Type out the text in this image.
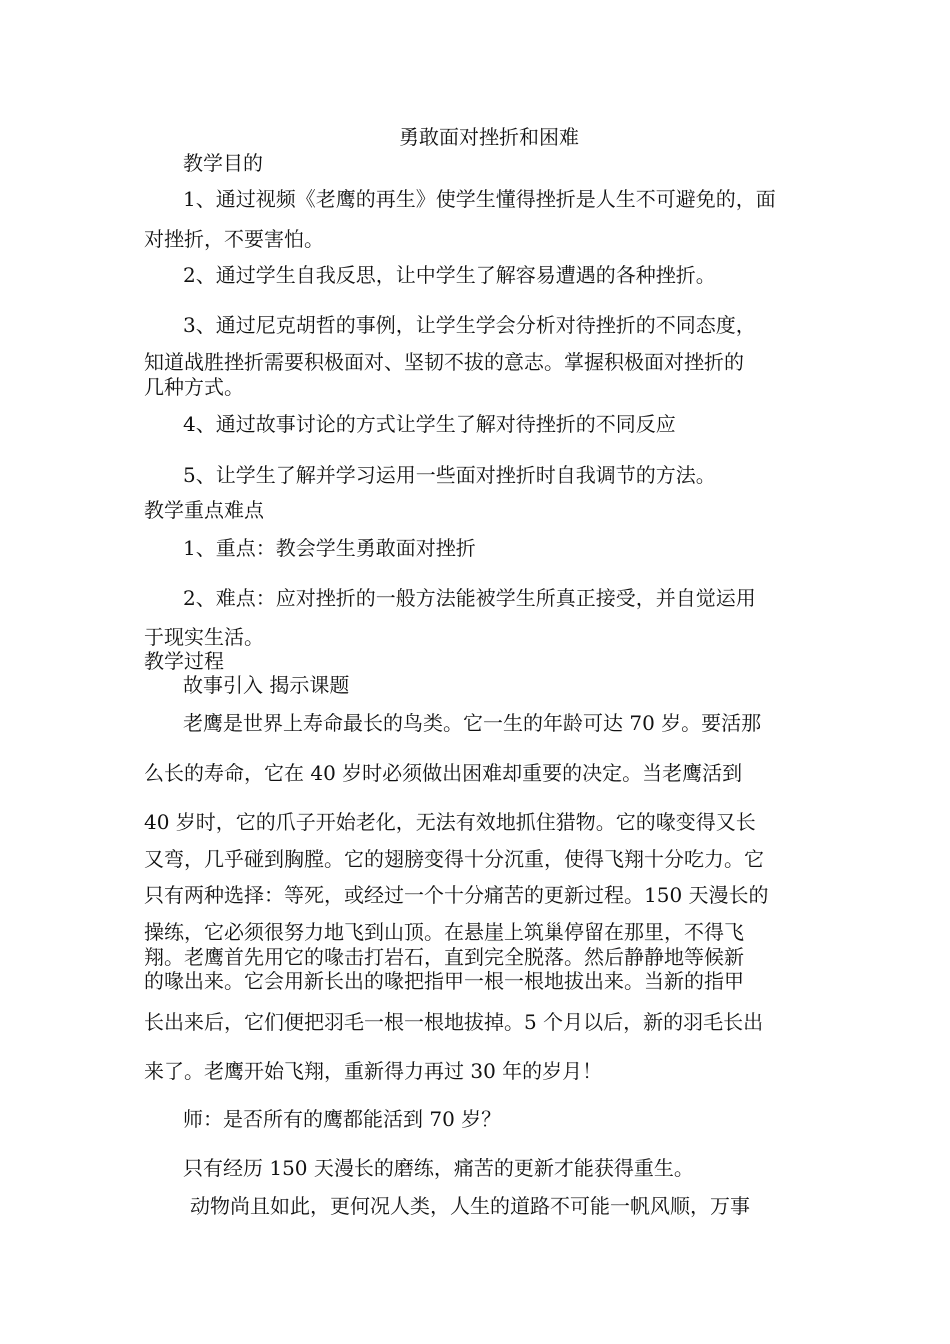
勇敢面对挫折和困难

教学目的

1、通过视频《老鹰的再生》使学生懂得挫折是人生不可避免的，面

对挫折，不要害怕。

2、通过学生自我反思，让中学生了解容易遭遇的各种挫折。

3、通过尼克胡哲的事例，让学生学会分析对待挫折的不同态度，

知道战胜挫折需要积极面对、坚韧不拔的意志。掌握积极面对挫折的

几种方式。

4、通过故事讨论的方式让学生了解对待挫折的不同反应

5、让学生了解并学习运用一些面对挫折时自我调节的方法。

教学重点难点

1、重点：教会学生勇敢面对挫折

2、难点：应对挫折的一般方法能被学生所真正接受，并自觉运用

于现实生活。

教学过程

故事引入 揭示课题

老鹰是世界上寿命最长的鸟类。它一生的年龄可达 70 岁。要活那

么长的寿命，它在 40 岁时必须做出困难却重要的决定。当老鹰活到

40 岁时，它的爪子开始老化，无法有效地抓住猎物。它的喙变得又长

又弯，几乎碰到胸膛。它的翅膀变得十分沉重，使得飞翔十分吃力。它

只有两种选择：等死，或经过一个十分痛苦的更新过程。150 天漫长的

操练，它必须很努力地飞到山顶。在悬崖上筑巢停留在那里，不得飞

翔。老鹰首先用它的喙击打岩石，直到完全脱落。然后静静地等候新

的喙出来。它会用新长出的喙把指甲一根一根地拔出来。当新的指甲

长出来后，它们便把羽毛一根一根地拔掉。5 个月以后，新的羽毛长出

来了。老鹰开始飞翔，重新得力再过 30 年的岁月！

师：是否所有的鹰都能活到 70 岁？

只有经历 150 天漫长的磨练，痛苦的更新才能获得重生。

动物尚且如此，更何况人类，人生的道路不可能一帆风顺，万事
